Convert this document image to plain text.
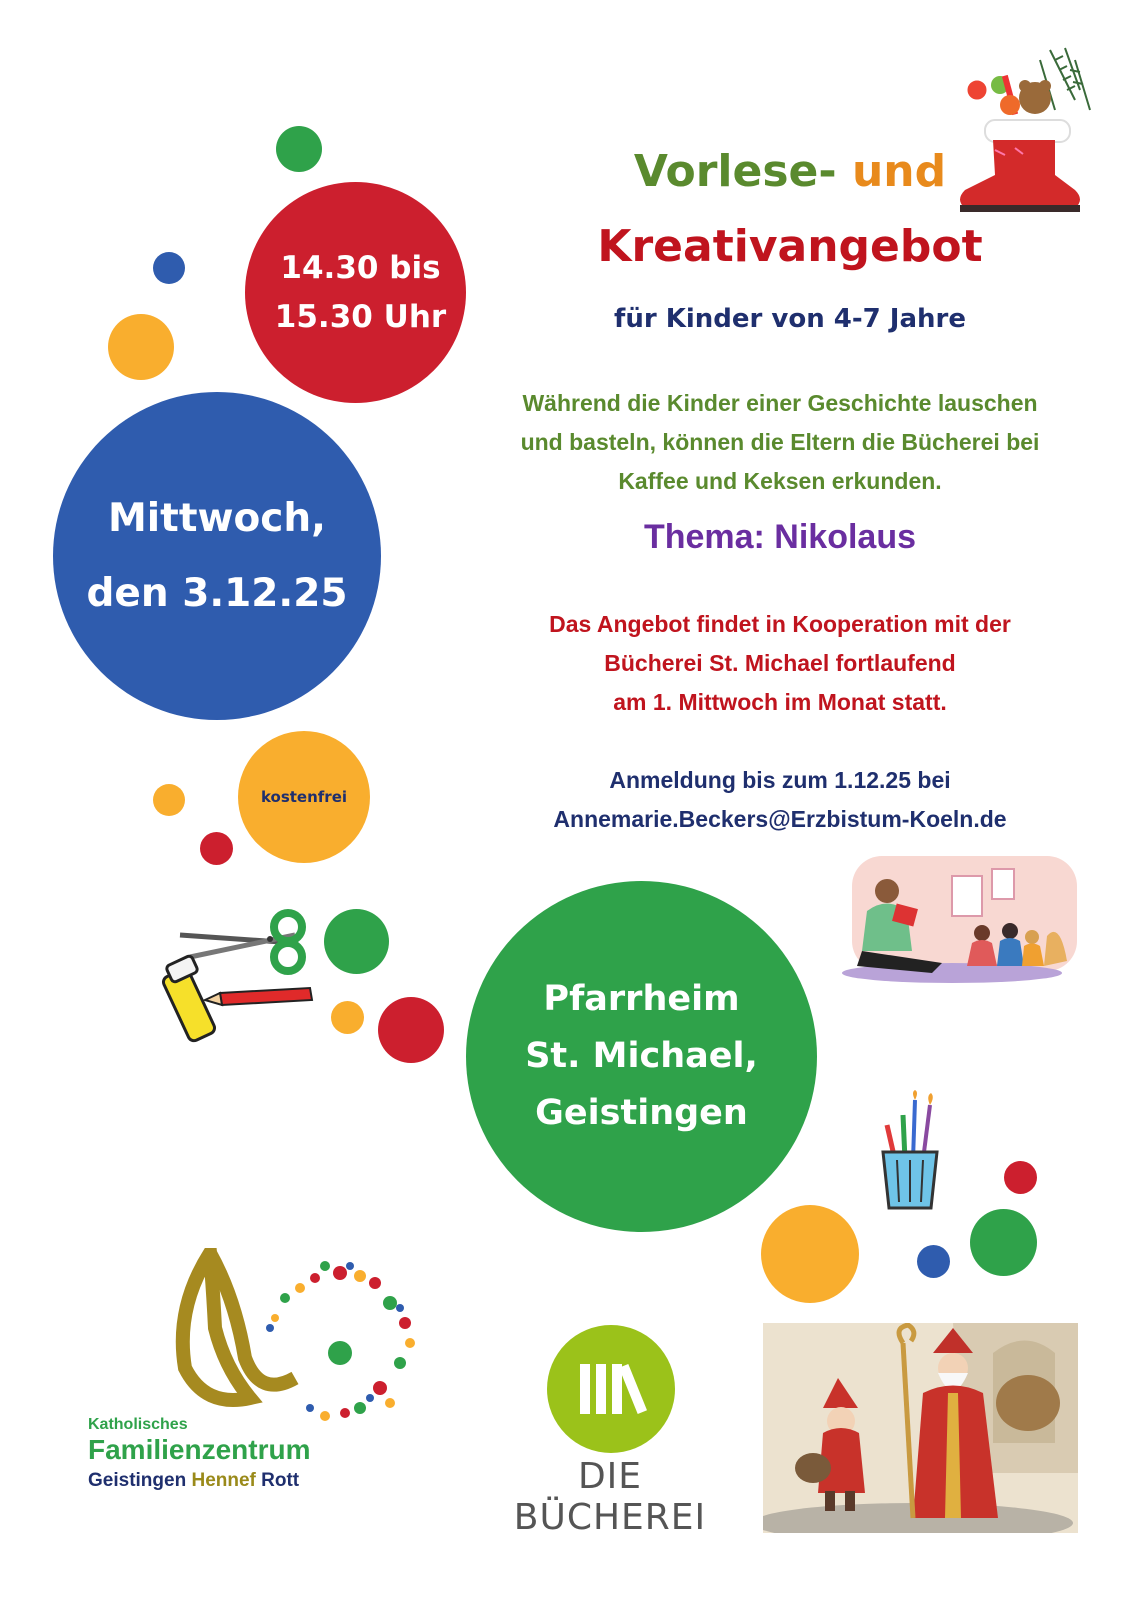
14.30 bis
15.30 Uhr
Mittwoch,
den 3.12.25
kostenfrei
Pfarrheim
St. Michael,
Geistingen
Vorlese- und
Kreativangebot
für Kinder von 4-7 Jahre
Während die Kinder einer Geschichte lauschen
und basteln, können die Eltern die Bücherei bei
Kaffee und Keksen erkunden.
Thema: Nikolaus
Das Angebot findet in Kooperation mit der
Bücherei St. Michael fortlaufend
am 1. Mittwoch im Monat statt.
Anmeldung bis zum 1.12.25 bei
Annemarie.Beckers@Erzbistum-Koeln.de
Katholisches
Familienzentrum
Geistingen Hennef Rott	DIE BÜCHEREI
